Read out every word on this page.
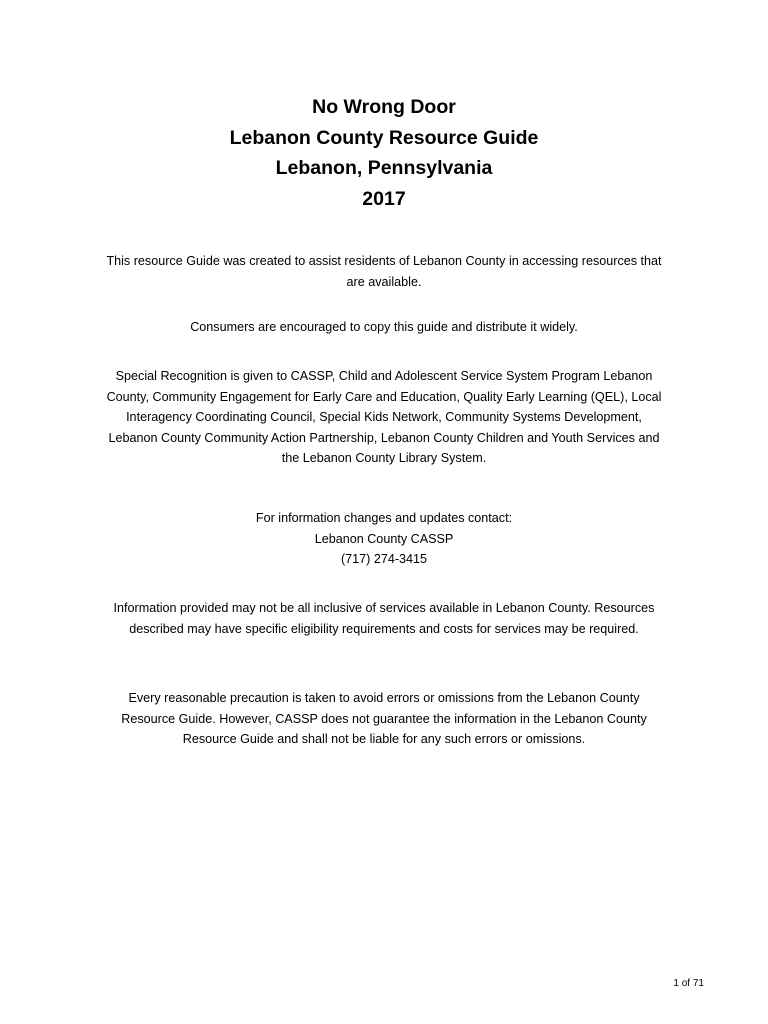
No Wrong Door
Lebanon County Resource Guide
Lebanon, Pennsylvania
2017
This resource Guide was created to assist residents of Lebanon County in accessing resources that
are available.
Consumers are encouraged to copy this guide and distribute it widely.
Special Recognition is given to CASSP, Child and Adolescent Service System Program Lebanon
County, Community Engagement for Early Care and Education, Quality Early Learning (QEL), Local
Interagency Coordinating Council, Special Kids Network, Community Systems Development,
Lebanon County Community Action Partnership, Lebanon County Children and Youth Services and
the Lebanon County Library System.
For information changes and updates contact:
Lebanon County CASSP
(717) 274-3415
Information provided may not be all inclusive of services available in Lebanon County. Resources
described may have specific eligibility requirements and costs for services may be required.
Every reasonable precaution is taken to avoid errors or omissions from the Lebanon County
Resource Guide. However, CASSP does not guarantee the information in the Lebanon County
Resource Guide and shall not be liable for any such errors or omissions.
1 of 71
